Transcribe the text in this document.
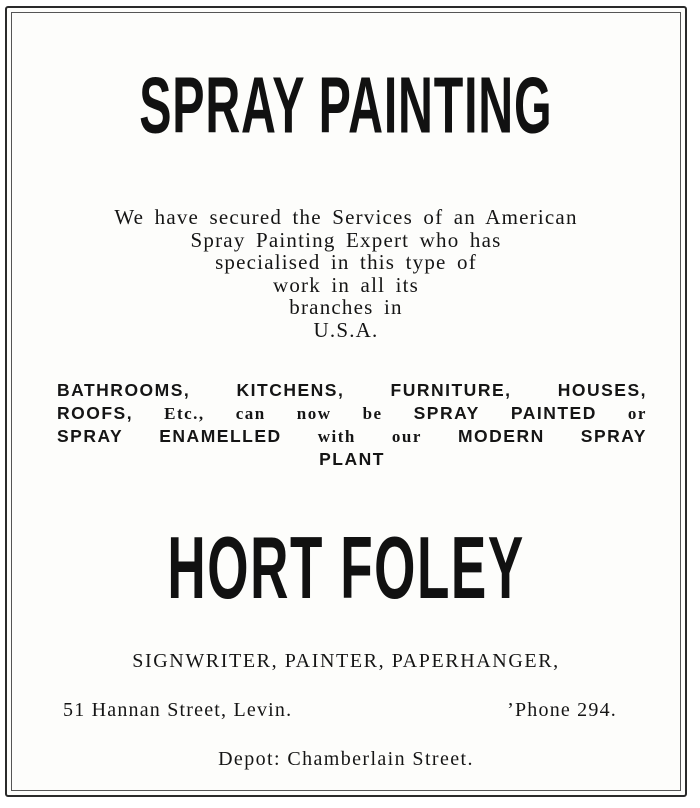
SPRAY PAINTING
We have secured the Services of an American
Spray Painting Expert who has
specialised in this type of
work in all its
branches in
U.S.A.
BATHROOMS,	KITCHENS,	FURNITURE,	HOUSES,
ROOFS, Etc., can now be SPRAY PAINTED or
SPRAY ENAMELLED with our MODERN SPRAY
PLANT
HORT FOLEY
SIGNWRITER, PAINTER, PAPERHANGER,
51 Hannan Street, Levin.	’Phone 294.
Depot: Chamberlain Street.
